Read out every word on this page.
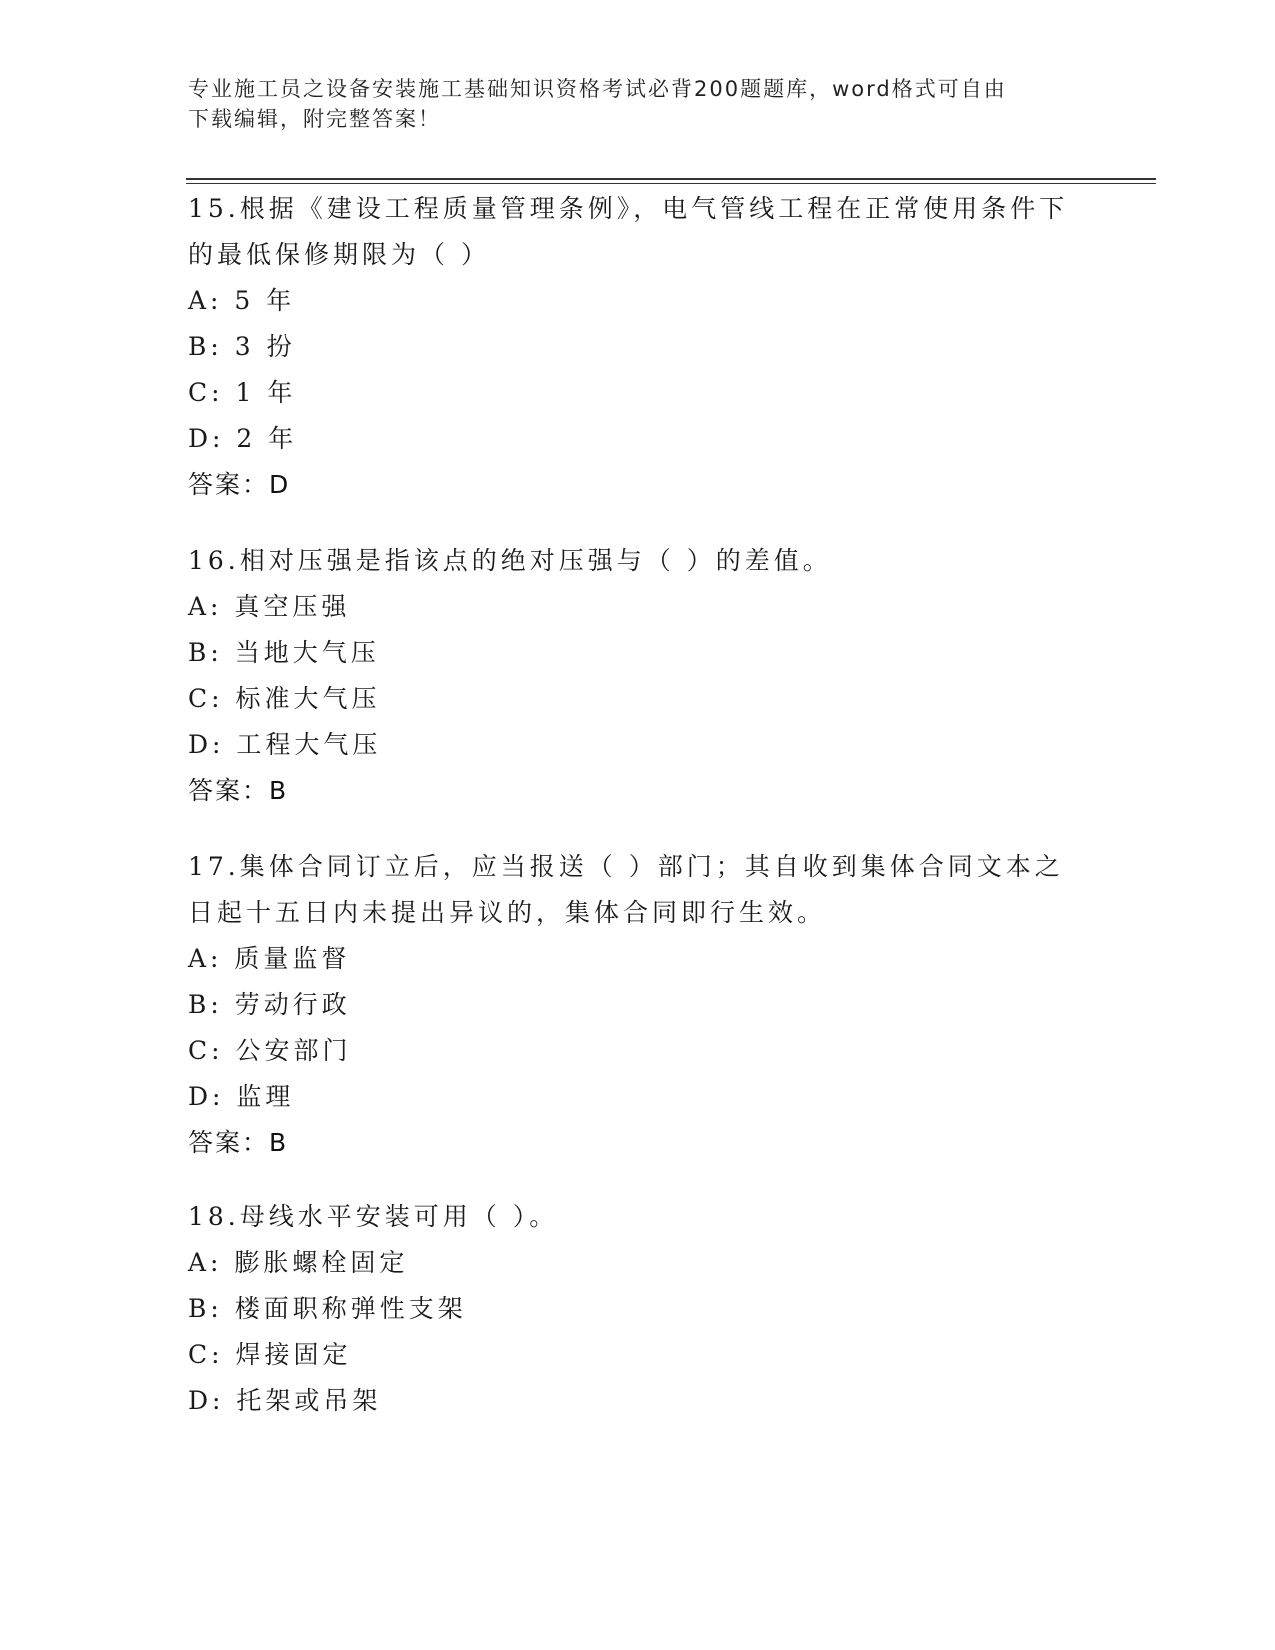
专业施工员之设备安装施工基础知识资格考试必背200题题库，word格式可自由
下载编辑，附完整答案！
15.根据《建设工程质量管理条例》，电气管线工程在正常使用条件下
的最低保修期限为（ ）
A: 5 年
B: 3 扮
C: 1 年
D: 2 年
答案：D
16.相对压强是指该点的绝对压强与（ ）的差值。
A: 真空压强
B: 当地大气压
C: 标准大气压
D: 工程大气压
答案：B
17.集体合同订立后，应当报送（ ）部门；其自收到集体合同文本之
日起十五日内未提出异议的，集体合同即行生效。
A: 质量监督
B: 劳动行政
C: 公安部门
D: 监理
答案：B
18.母线水平安装可用（ ）。
A: 膨胀螺栓固定
B: 楼面职称弹性支架
C: 焊接固定
D: 托架或吊架
